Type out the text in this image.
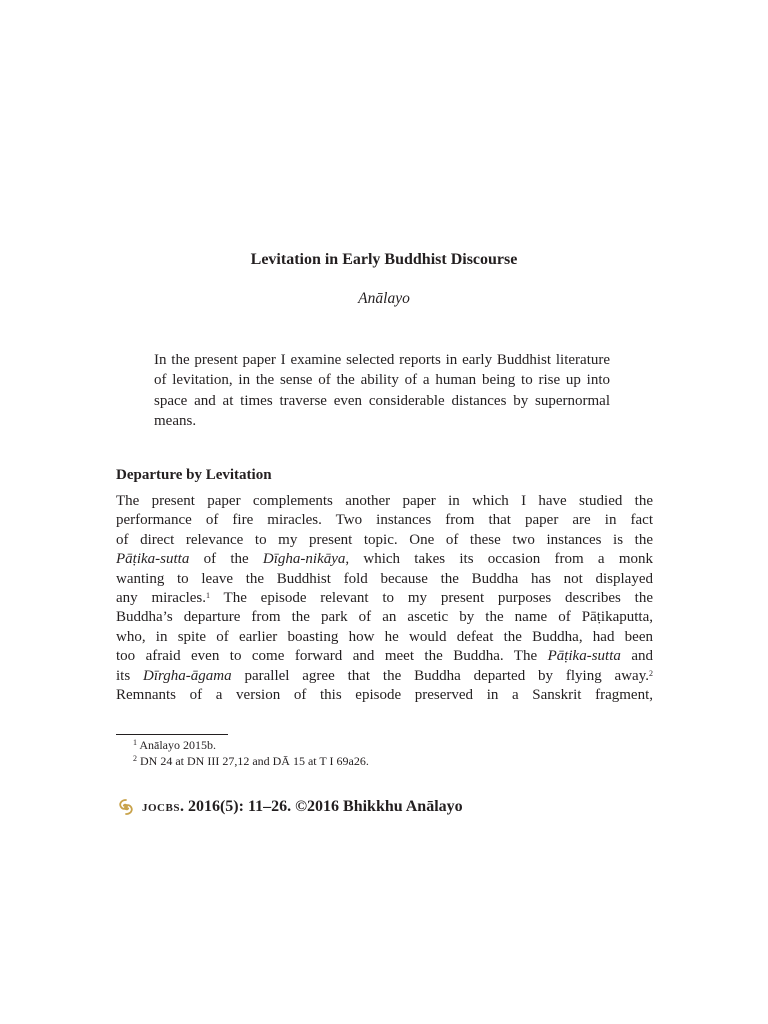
Levitation in Early Buddhist Discourse

Anālayo

In the present paper I examine selected reports in early Buddhist literature of levitation, in the sense of the ability of a human being to rise up into space and at times traverse even considerable distances by supernormal means.
Departure by Levitation
The present paper complements another paper in which I have studied the
performance of fire miracles. Two instances from that paper are in fact
of direct relevance to my present topic. One of these two instances is the
Pāṭika-sutta of the Dīgha-nikāya, which takes its occasion from a monk
wanting to leave the Buddhist fold because the Buddha has not displayed
any miracles.$^1$ The episode relevant to my present purposes describes the
Buddha’s departure from the park of an ascetic by the name of Pāṭikaputta,
who, in spite of earlier boasting how he would defeat the Buddha, had been
too afraid even to come forward and meet the Buddha. The Pāṭika-sutta and
its Dīrgha-āgama parallel agree that the Buddha departed by flying away.$^2$
Remnants of a version of this episode preserved in a Sanskrit fragment,
$^1$ Anālayo 2015b.
$^2$ DN 24 at DN III 27,12 and DĀ 15 at T I 69a26.
jocbs . 2016(5): 11–26. ©2016 Bhikkhu Anālayo
